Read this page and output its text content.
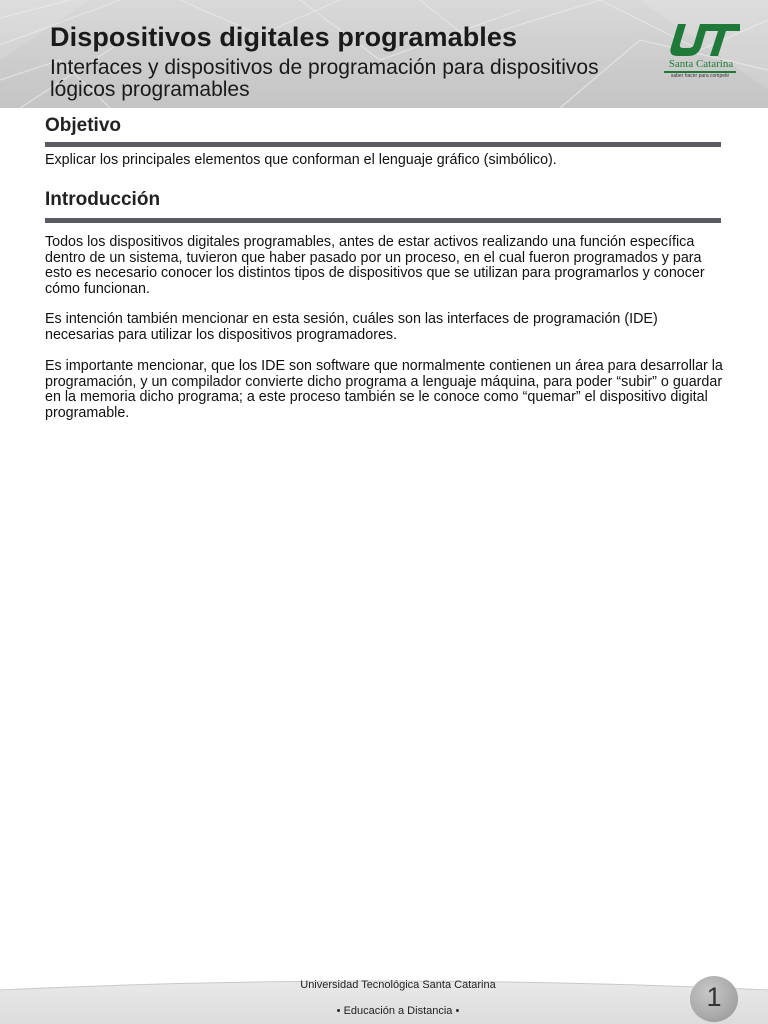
Dispositivos digitales programables
Interfaces y dispositivos de programación para dispositivos lógicos programables
Santa Catarina
saber hacer para competir
Objetivo
Explicar los principales elementos que conforman el lenguaje gráfico (simbólico).
Introducción
Todos los dispositivos digitales programables, antes de estar activos realizando una función específica dentro de un sistema, tuvieron que haber pasado por un proceso, en el cual fueron programados y para esto es necesario conocer los distintos tipos de dispositivos que se utilizan para programarlos y conocer cómo funcionan.
Es intención también mencionar en esta sesión, cuáles son las interfaces de programación (IDE) necesarias para utilizar los dispositivos programadores.
Es importante mencionar, que los IDE son software que normalmente contienen un área para desarrollar la programación, y un compilador convierte dicho programa a lenguaje máquina, para poder “subir” o guardar en la memoria dicho programa; a este proceso también se le conoce como “quemar” el dispositivo digital programable.
Universidad Tecnológica Santa Catarina
• Educación a Distancia •	1
